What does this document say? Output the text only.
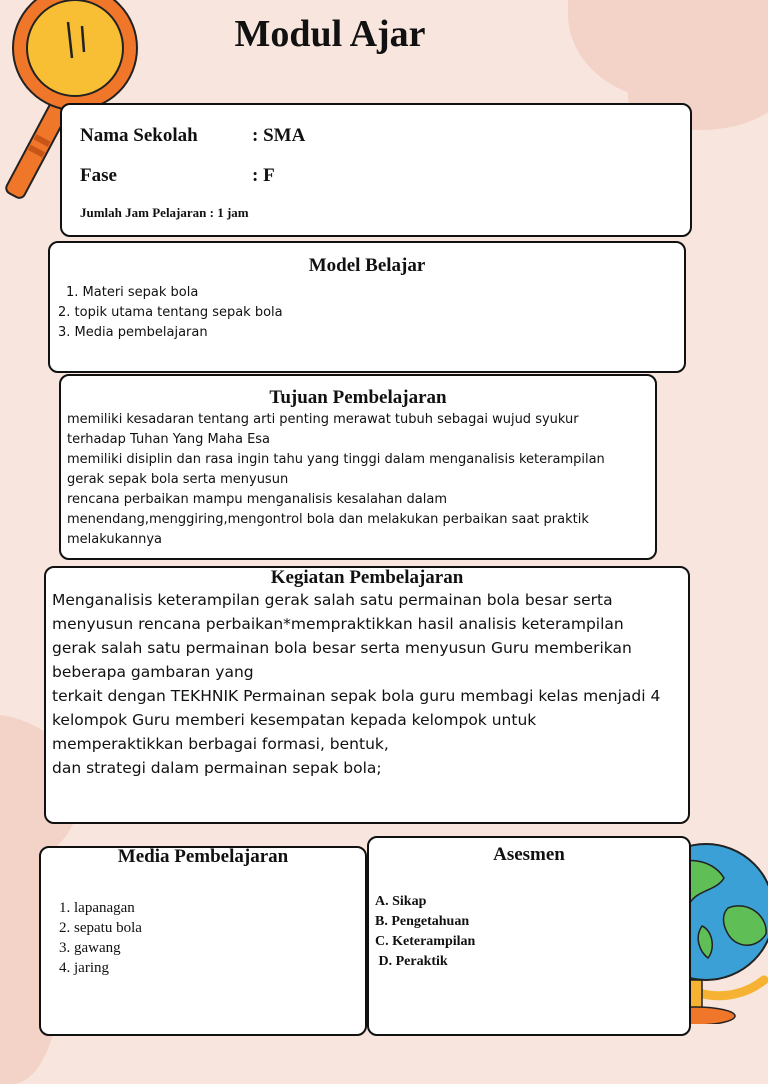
Modul Ajar
Nama Sekolah	: SMA
Fase	: F
Jumlah Jam Pelajaran : 1 jam
Model Belajar
1. Materi sepak bola
2. topik utama tentang sepak bola
3. Media pembelajaran
Tujuan Pembelajaran

memiliki kesadaran tentang arti penting merawat tubuh sebagai wujud syukur
terhadap Tuhan Yang Maha Esa
memiliki disiplin dan rasa ingin tahu yang tinggi dalam menganalisis keterampilan
gerak sepak bola serta menyusun
rencana perbaikan mampu menganalisis kesalahan dalam
menendang,menggiring,mengontrol bola dan melakukan perbaikan saat praktik
melakukannya

Kegiatan Pembelajaran

Menganalisis keterampilan gerak salah satu permainan bola besar serta
menyusun rencana perbaikan*mempraktikkan hasil analisis keterampilan
gerak salah satu permainan bola besar serta menyusun Guru memberikan
beberapa gambaran yang
terkait dengan TEKHNIK Permainan sepak bola guru membagi kelas menjadi 4
kelompok Guru memberi kesempatan kepada kelompok untuk
memperaktikkan berbagai formasi, bentuk,
dan strategi dalam permainan sepak bola;

Media Pembelajaran
1. lapanagan
2. sepatu bola
3. gawang
4. jaring
Asesmen
A. Sikap
B. Pengetahuan
C. Keterampilan
D. Peraktik
